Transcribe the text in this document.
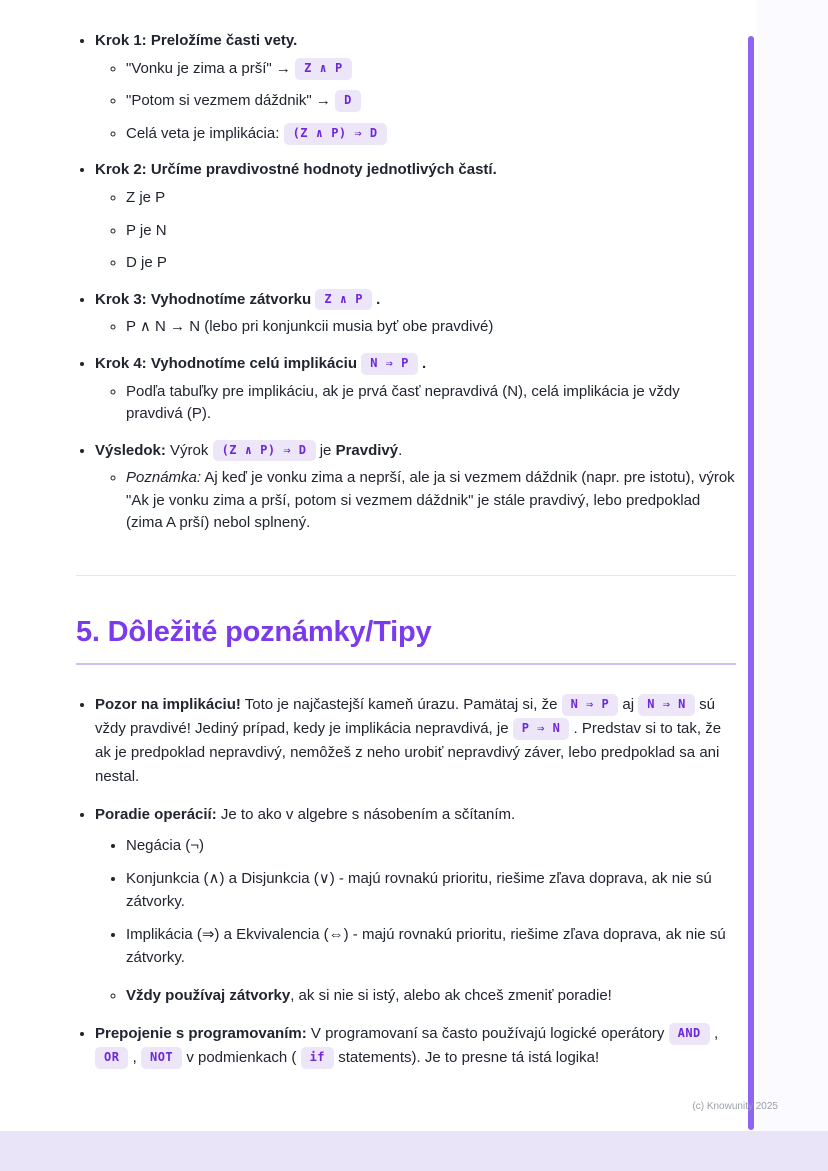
• Krok 1: Preložíme časti vety.
◦ "Vonku je zima a prší" → Z ∧ P
◦ "Potom si vezmem dáždnik" → D
◦ Celá veta je implikácia: (Z ∧ P) ⇒ D
• Krok 2: Určíme pravdivostné hodnoty jednotlivých častí.
◦ Z je P
◦ P je N
◦ D je P
• Krok 3: Vyhodnotíme zátvorku Z ∧ P .
◦ P ∧ N → N (lebo pri konjunkcii musia byť obe pravdivé)
• Krok 4: Vyhodnotíme celú implikáciu N ⇒ P .
◦ Podľa tabuľky pre implikáciu, ak je prvá časť nepravdivá (N), celá implikácia je vždy pravdivá (P).
• Výsledok: Výrok (Z ∧ P) ⇒ D je Pravdivý.
◦ Poznámka: Aj keď je vonku zima a neprší, ale ja si vezmem dáždnik (napr. pre istotu), výrok "Ak je vonku zima a prší, potom si vezmem dáždnik" je stále pravdivý, lebo predpoklad (zima A prší) nebol splnený.
5. Dôležité poznámky/Tipy
• Pozor na implikáciu! Toto je najčastejší kameň úrazu. Pamätaj si, že N ⇒ P aj N ⇒ N sú vždy pravdivé! Jediný prípad, kedy je implikácia nepravdivá, je P ⇒ N . Predstav si to tak, že ak je predpoklad nepravdivý, nemôžeš z neho urobiť nepravdivý záver, lebo predpoklad sa ani nestal.
• Poradie operácií: Je to ako v algebre s násobením a sčítaním.
• Negácia (¬)
• Konjunkcia (∧) a Disjunkcia (∨) - majú rovnakú prioritu, riešime zľava doprava, ak nie sú zátvorky.
• Implikácia (⇒) a Ekvivalencia (⇔) - majú rovnakú prioritu, riešime zľava doprava, ak nie sú zátvorky.
◦ Vždy používaj zátvorky, ak si nie si istý, alebo ak chceš zmeniť poradie!
• Prepojenie s programovaním: V programovaní sa často používajú logické operátory AND , OR , NOT v podmienkach ( if statements). Je to presne tá istá logika!
(c) Knowunity 2025
